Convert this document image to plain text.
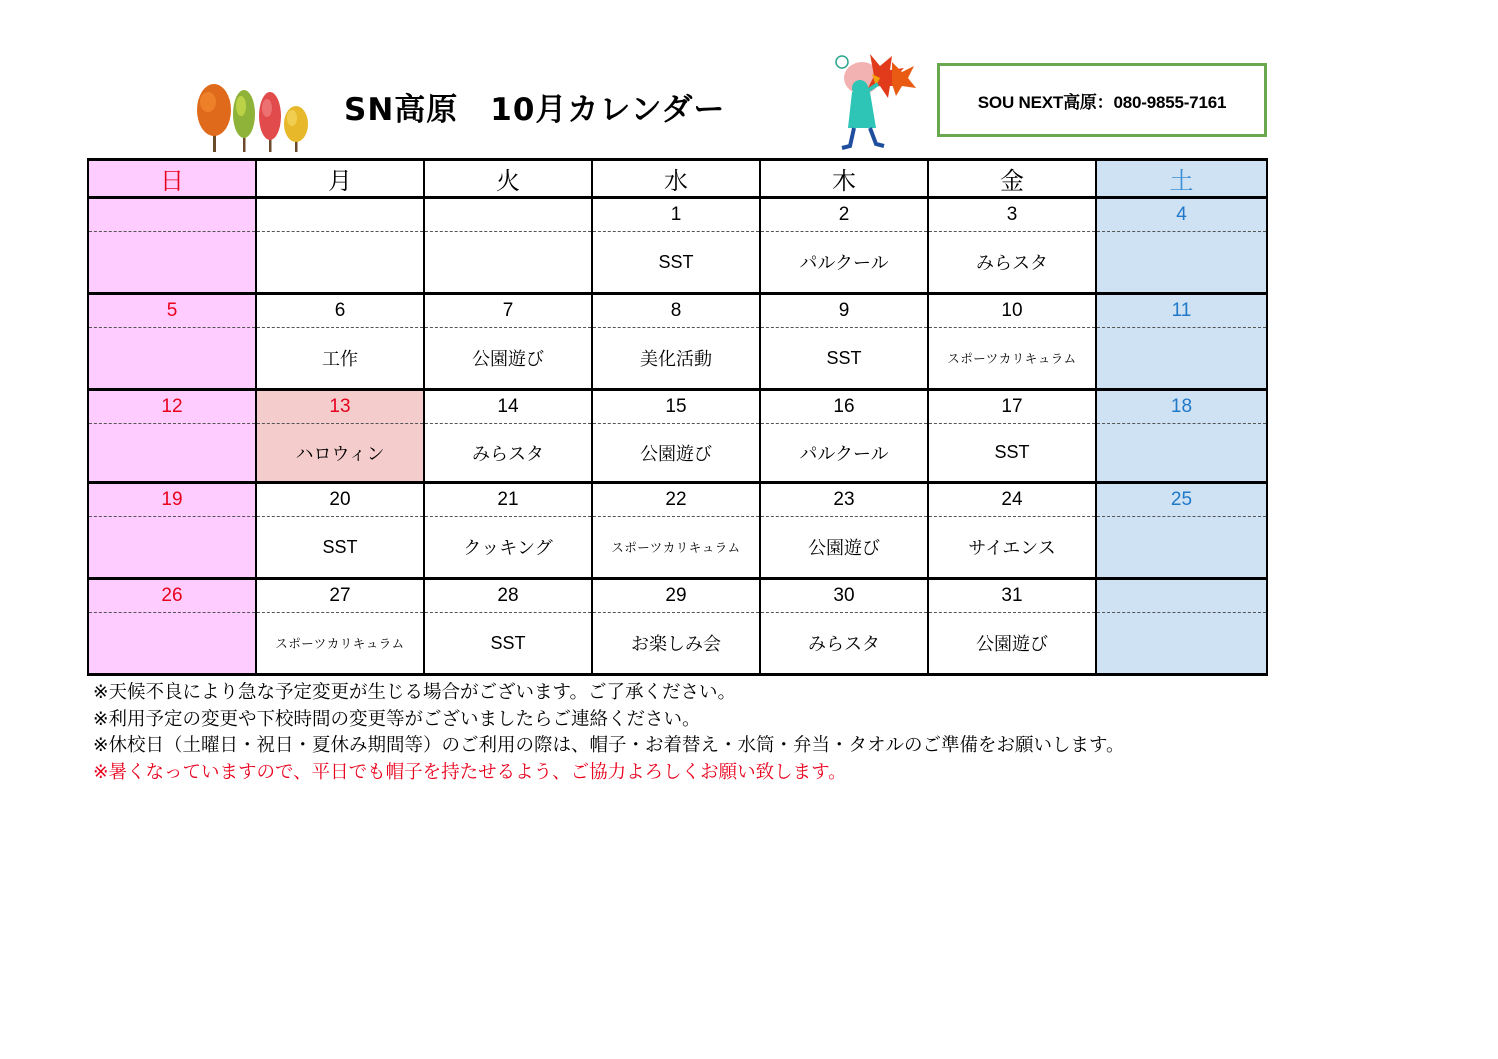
SN高原　10月カレンダー	SOU NEXT高原：080-9855-7161
日	月	火	水	木	金	土
			1	2	3	4
			SST	パルクール	みらスタ	
5	6	7	8	9	10	11
	工作	公園遊び	美化活動	SST	スポーツカリキュラム	
12	13	14	15	16	17	18
	ハロウィン	みらスタ	公園遊び	パルクール	SST	
19	20	21	22	23	24	25
	SST	クッキング	スポーツカリキュラム	公園遊び	サイエンス	
26	27	28	29	30	31	
	スポーツカリキュラム	SST	お楽しみ会	みらスタ	公園遊び	
※天候不良により急な予定変更が生じる場合がございます。ご了承ください。
※利用予定の変更や下校時間の変更等がございましたらご連絡ください。
※休校日（土曜日・祝日・夏休み期間等）のご利用の際は、帽子・お着替え・水筒・弁当・タオルのご準備をお願いします。
※暑くなっていますので、平日でも帽子を持たせるよう、ご協力よろしくお願い致します。
